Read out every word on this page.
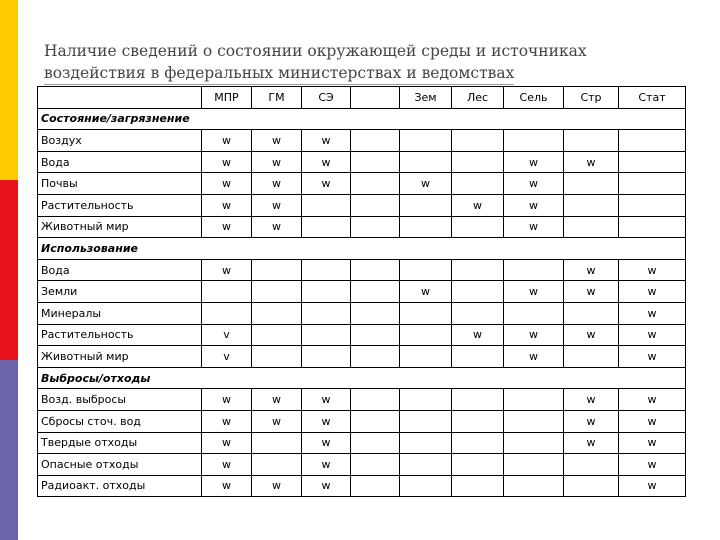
Наличие сведений о состоянии окружающей среды и источниках
воздействия в федеральных министерствах и ведомствах
	МПР	ГМ	СЭ		Зем	Лес	Сель	Стр	Стат
Состояние/загрязнение									
Воздух	w	w	w						
Вода	w	w	w				w	w	
Почвы	w	w	w		w		w		
Растительность	w	w				w	w		
Животный мир	w	w					w		
Использование									
Вода	w							w	w
Земли					w		w	w	w
Минералы									w
Растительность	v					w	w	w	w
Животный мир	v						w		w
Выбросы/отходы									
Возд. выбросы	w	w	w					w	w
Сбросы сточ. вод	w	w	w					w	w
Твердые отходы	w		w					w	w
Опасные отходы	w		w						w
Радиоакт. отходы	w	w	w						w
